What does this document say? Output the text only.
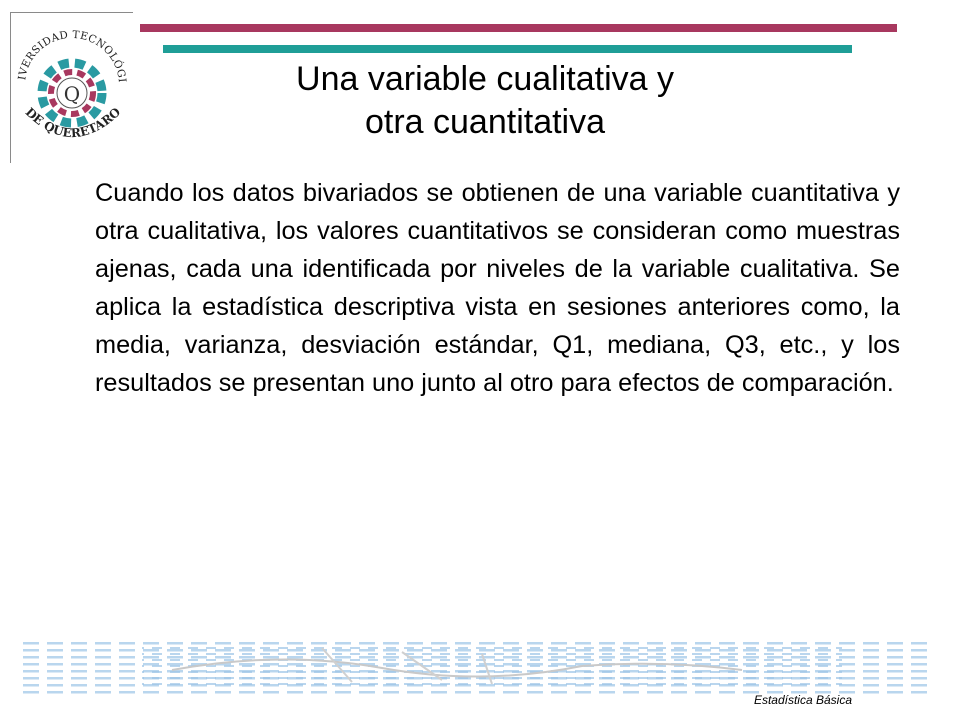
IVERSIDAD TECNOLÓGI
Q
DE QUERETARO
Una variable cualitativa y
otra cuantitativa

Cuando los datos bivariados se obtienen de una variable cuantitativa y otra cualitativa, los valores cuantitativos se consideran como muestras ajenas, cada una identificada por niveles de la variable cualitativa. Se aplica la estadística descriptiva vista en sesiones anteriores como, la media, varianza, desviación estándar, Q1, mediana, Q3, etc., y los resultados se presentan uno junto al otro para efectos de comparación.

Estadística Básica
